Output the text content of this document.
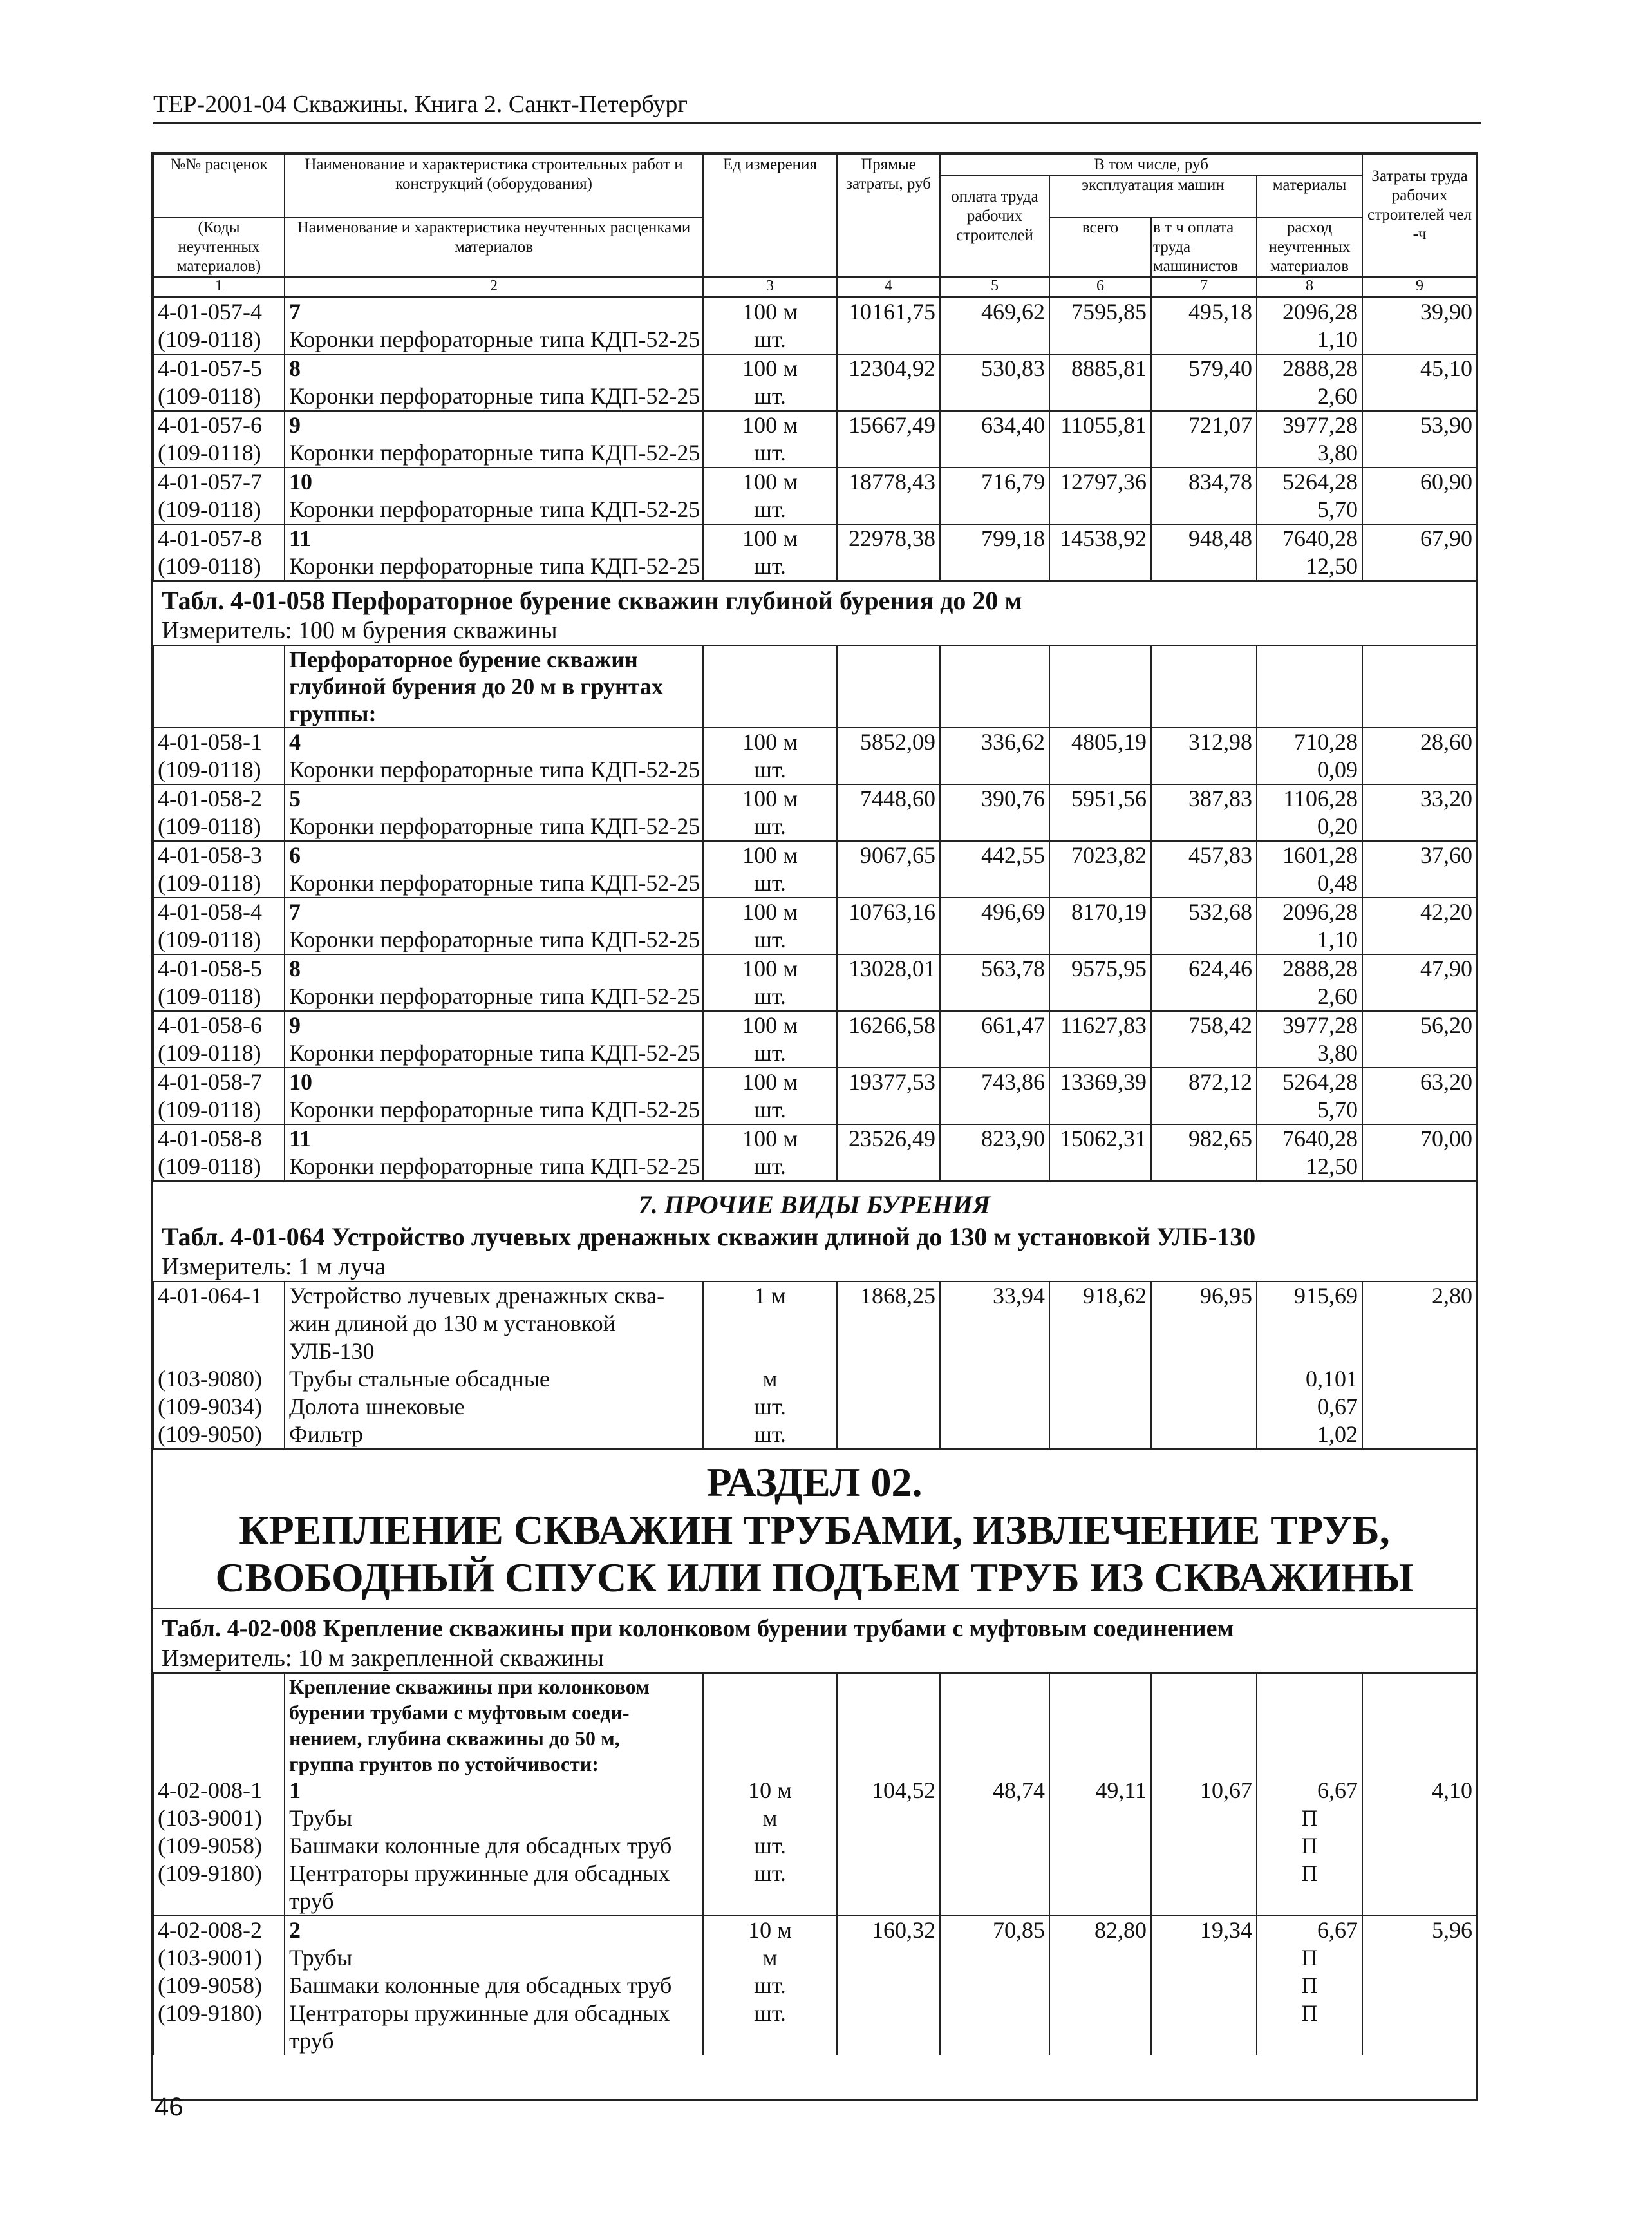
ТЕР-2001-04 Скважины. Книга 2. Санкт-Петербург
№№ расценок	Наименование и характеристика строительных работ и конструкций (оборудования)	Ед измерения	Прямые затраты, руб	В том числе, руб				Затраты труда рабочих строителей чел -ч	
				оплата труда рабочих строителей	эксплуатация машин		материалы		
(Коды неучтенных материалов)	Наименование и характеристика неучтенных расценками материалов				всего	в т ч оплата труда машинистов	расход неучтенных материалов		

1	2	3	4	5	6	7	8	9	
4-01-057-4	7	100 м	10161,75	469,62	7595,85	495,18	2096,28	39,90
(109-0118)	Коронки перфораторные типа КДП-52-25	шт.					1,10	
4-01-057-5	8	100 м	12304,92	530,83	8885,81	579,40	2888,28	45,10
(109-0118)	Коронки перфораторные типа КДП-52-25	шт.					2,60	
4-01-057-6	9	100 м	15667,49	634,40	11055,81	721,07	3977,28	53,90
(109-0118)	Коронки перфораторные типа КДП-52-25	шт.					3,80	
4-01-057-7	10	100 м	18778,43	716,79	12797,36	834,78	5264,28	60,90
(109-0118)	Коронки перфораторные типа КДП-52-25	шт.					5,70	
4-01-057-8	11	100 м	22978,38	799,18	14538,92	948,48	7640,28	67,90
(109-0118)	Коронки перфораторные типа КДП-52-25	шт.					12,50	
Табл. 4-01-058 Перфораторное бурение скважин глубиной бурения до 20 м
Измеритель: 100 м бурения скважины
	Перфораторное бурение скважин глубиной бурения до 20 м в грунтах группы:							
4-01-058-1	4	100 м	5852,09	336,62	4805,19	312,98	710,28	28,60
(109-0118)	Коронки перфораторные типа КДП-52-25	шт.					0,09	
4-01-058-2	5	100 м	7448,60	390,76	5951,56	387,83	1106,28	33,20
(109-0118)	Коронки перфораторные типа КДП-52-25	шт.					0,20	
4-01-058-3	6	100 м	9067,65	442,55	7023,82	457,83	1601,28	37,60
(109-0118)	Коронки перфораторные типа КДП-52-25	шт.					0,48	
4-01-058-4	7	100 м	10763,16	496,69	8170,19	532,68	2096,28	42,20
(109-0118)	Коронки перфораторные типа КДП-52-25	шт.					1,10	
4-01-058-5	8	100 м	13028,01	563,78	9575,95	624,46	2888,28	47,90
(109-0118)	Коронки перфораторные типа КДП-52-25	шт.					2,60	
4-01-058-6	9	100 м	16266,58	661,47	11627,83	758,42	3977,28	56,20
(109-0118)	Коронки перфораторные типа КДП-52-25	шт.					3,80	
4-01-058-7	10	100 м	19377,53	743,86	13369,39	872,12	5264,28	63,20
(109-0118)	Коронки перфораторные типа КДП-52-25	шт.					5,70	
4-01-058-8	11	100 м	23526,49	823,90	15062,31	982,65	7640,28	70,00
(109-0118)	Коронки перфораторные типа КДП-52-25	шт.					12,50	
7. ПРОЧИЕ ВИДЫ БУРЕНИЯ
Табл. 4-01-064 Устройство лучевых дренажных скважин длиной до 130 м установкой УЛБ-130
Измеритель: 1 м луча
4-01-064-1	Устройство лучевых дренажных сква-
жин длиной до 130 м установкой
УЛБ-130	1 м	1868,25	33,94	918,62	96,95	915,69	2,80
(103-9080)	Трубы стальные обсадные	м					0,101	
(109-9034)	Долота шнековые	шт.					0,67	
(109-9050)	Фильтр	шт.					1,02	
РАЗДЕЛ 02.
КРЕПЛЕНИЕ СКВАЖИН ТРУБАМИ, ИЗВЛЕЧЕНИЕ ТРУБ,
СВОБОДНЫЙ СПУСК ИЛИ ПОДЪЕМ ТРУБ ИЗ СКВАЖИНЫ
Табл. 4-02-008 Крепление скважины при колонковом бурении трубами с муфтовым соединением
Измеритель: 10 м закрепленной скважины
	Крепление скважины при колонковом
бурении трубами с муфтовым соеди-
нением, глубина скважины до 50 м,
группа грунтов по устойчивости:							
4-02-008-1	1	10 м	104,52	48,74	49,11	10,67	6,67	4,10
(103-9001)	Трубы	м					П	
(109-9058)	Башмаки колонные для обсадных труб	шт.					П	
(109-9180)	Центраторы пружинные для обсадных	шт.					П	
	труб							
4-02-008-2	2	10 м	160,32	70,85	82,80	19,34	6,67	5,96
(103-9001)	Трубы	м					П	
(109-9058)	Башмаки колонные для обсадных труб	шт.					П	
(109-9180)	Центраторы пружинные для обсадных	шт.					П	
	труб							
46
